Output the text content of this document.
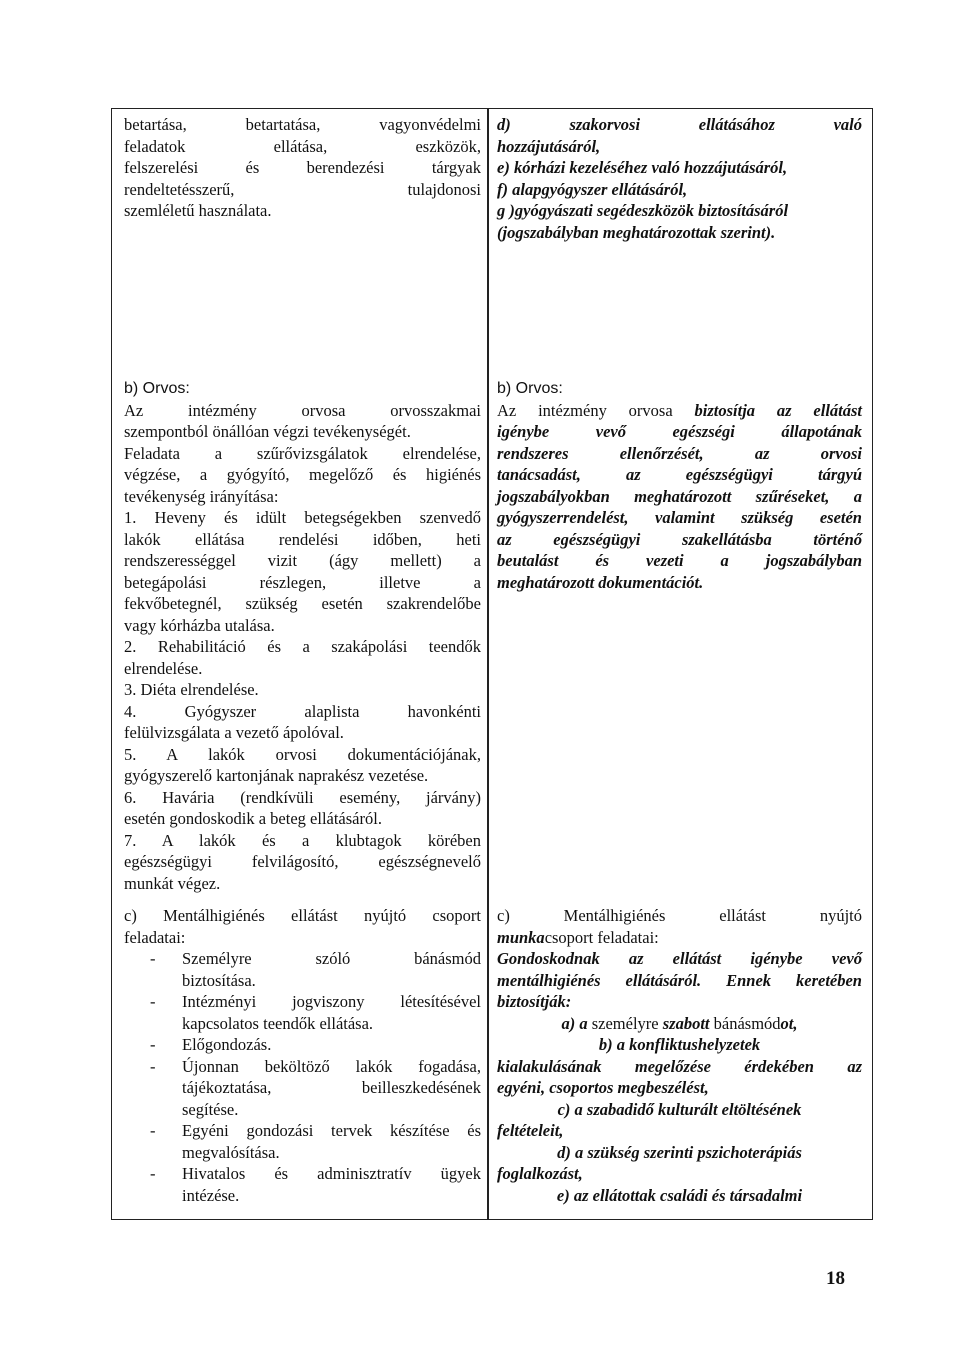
betartása, betartatása, vagyonvédelmi

feladatok ellátása, eszközök,

felszerelési és berendezési tárgyak

rendeltetésszerű, tulajdonosi

szemléletű használata.

d) szakorvosi ellátásához való

hozzájutásáról,

e) kórházi kezeléséhez való hozzájutásáról,

f) alapgyógyszer ellátásáról,

g )gyógyászati segédeszközök biztosításáról

(jogszabályban meghatározottak szerint).

b) Orvos:

Az intézmény orvosa orvosszakmai

szempontból önállóan végzi tevékenységét.

Feladata a szűrővizsgálatok elrendelése,

végzése, a gyógyító, megelőző és higiénés

tevékenység irányítása:

1. Heveny és idült betegségekben szenvedő

lakók ellátása rendelési időben, heti

rendszerességgel vizit (ágy mellett) a

betegápolási részlegen, illetve a

fekvőbetegnél, szükség esetén szakrendelőbe

vagy kórházba utalása.

2. Rehabilitáció és a szakápolási teendők

elrendelése.

3. Diéta elrendelése.

4. Gyógyszer alaplista havonkénti

felülvizsgálata a vezető ápolóval.

5. A lakók orvosi dokumentációjának,

gyógyszerelő kartonjának naprakész vezetése.

6. Havária (rendkívüli esemény, járvány)

esetén gondoskodik a beteg ellátásáról.

7. A lakók és a klubtagok körében

egészségügyi felvilágosító, egészségnevelő

munkát végez.

b) Orvos:

Az intézmény orvosa biztosítja az ellátást

igénybe vevő egészségi állapotának

rendszeres ellenőrzését, az orvosi

tanácsadást, az egészségügyi tárgyú

jogszabályokban meghatározott szűréseket, a

gyógyszerrendelést, valamint szükség esetén

az egészségügyi szakellátásba történő

beutalást és vezeti a jogszabályban

meghatározott dokumentációt.

c) Mentálhigiénés ellátást nyújtó csoport

feladatai:

-	Személyre szóló bánásmód
biztosítása.
-	Intézményi jogviszony létesítésével
kapcsolatos teendők ellátása.
-	Előgondozás.
-	Újonnan beköltöző lakók fogadása,
tájékoztatása, beilleszkedésének
segítése.
-	Egyéni gondozási tervek készítése és
megvalósítása.
-	Hivatalos és adminisztratív ügyek
intézése.

c) Mentálhigiénés ellátást nyújtó

munkacsoport feladatai:

Gondoskodnak az ellátást igénybe vevő

mentálhigiénés ellátásáról. Ennek keretében

biztosítják:

a) a személyre szabott bánásmódot,

b) a konfliktushelyzetek

kialakulásának megelőzése érdekében az

egyéni, csoportos megbeszélést,

c) a szabadidő kulturált eltöltésének

feltételeit,

d) a szükség szerinti pszichoterápiás

foglalkozást,

e) az ellátottak családi és társadalmi

18
